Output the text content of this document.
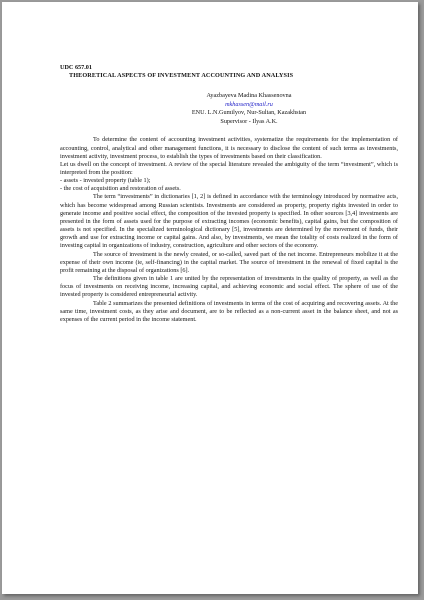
UDC 657.01

THEORETICAL ASPECTS OF INVESTMENT ACCOUNTING AND ANALYSIS

Ayazbayeva Madina Khassenovna
mkhassen@mail.ru
ENU. L.N.Gumilyov, Nur-Sultan, Kazakhstan
Supervisor - Ilyas A.K.

To determine the content of accounting investment activities, systematize the requirements for the implementation of accounting, control, analytical and other management functions, it is necessary to disclose the content of such terms as investments, investment activity, investment process, to establish the types of investments based on their classification.

Let us dwell on the concept of investment. A review of the special literature revealed the ambiguity of the term “investment”, which is interpreted from the position:

- assets - invested property (table 1);

- the cost of acquisition and restoration of assets.

The term “investments” in dictionaries [1, 2] is defined in accordance with the terminology introduced by normative acts, which has become widespread among Russian scientists. Investments are considered as property, property rights invested in order to generate income and positive social effect, the composition of the invested property is specified. In other sources [3,4] investments are presented in the form of assets used for the purpose of extracting incomes (economic benefits), capital gains, but the composition of assets is not specified. In the specialized terminological dictionary [5], investments are determined by the movement of funds, their growth and use for extracting income or capital gains. And also, by investments, we mean the totality of costs realized in the form of investing capital in organizations of industry, construction, agriculture and other sectors of the economy.

The source of investment is the newly created, or so-called, saved part of the net income. Entrepreneurs mobilize it at the expense of their own income (ie, self-financing) in the capital market. The source of investment in the renewal of fixed capital is the profit remaining at the disposal of organizations [6].

The definitions given in table 1 are united by the representation of investments in the quality of property, as well as the focus of investments on receiving income, increasing capital, and achieving economic and social effect. The sphere of use of the invested property is considered entrepreneurial activity.

Table 2 summarizes the presented definitions of investments in terms of the cost of acquiring and recovering assets. At the same time, investment costs, as they arise and document, are to be reflected as a non-current asset in the balance sheet, and not as expenses of the current period in the income statement.
